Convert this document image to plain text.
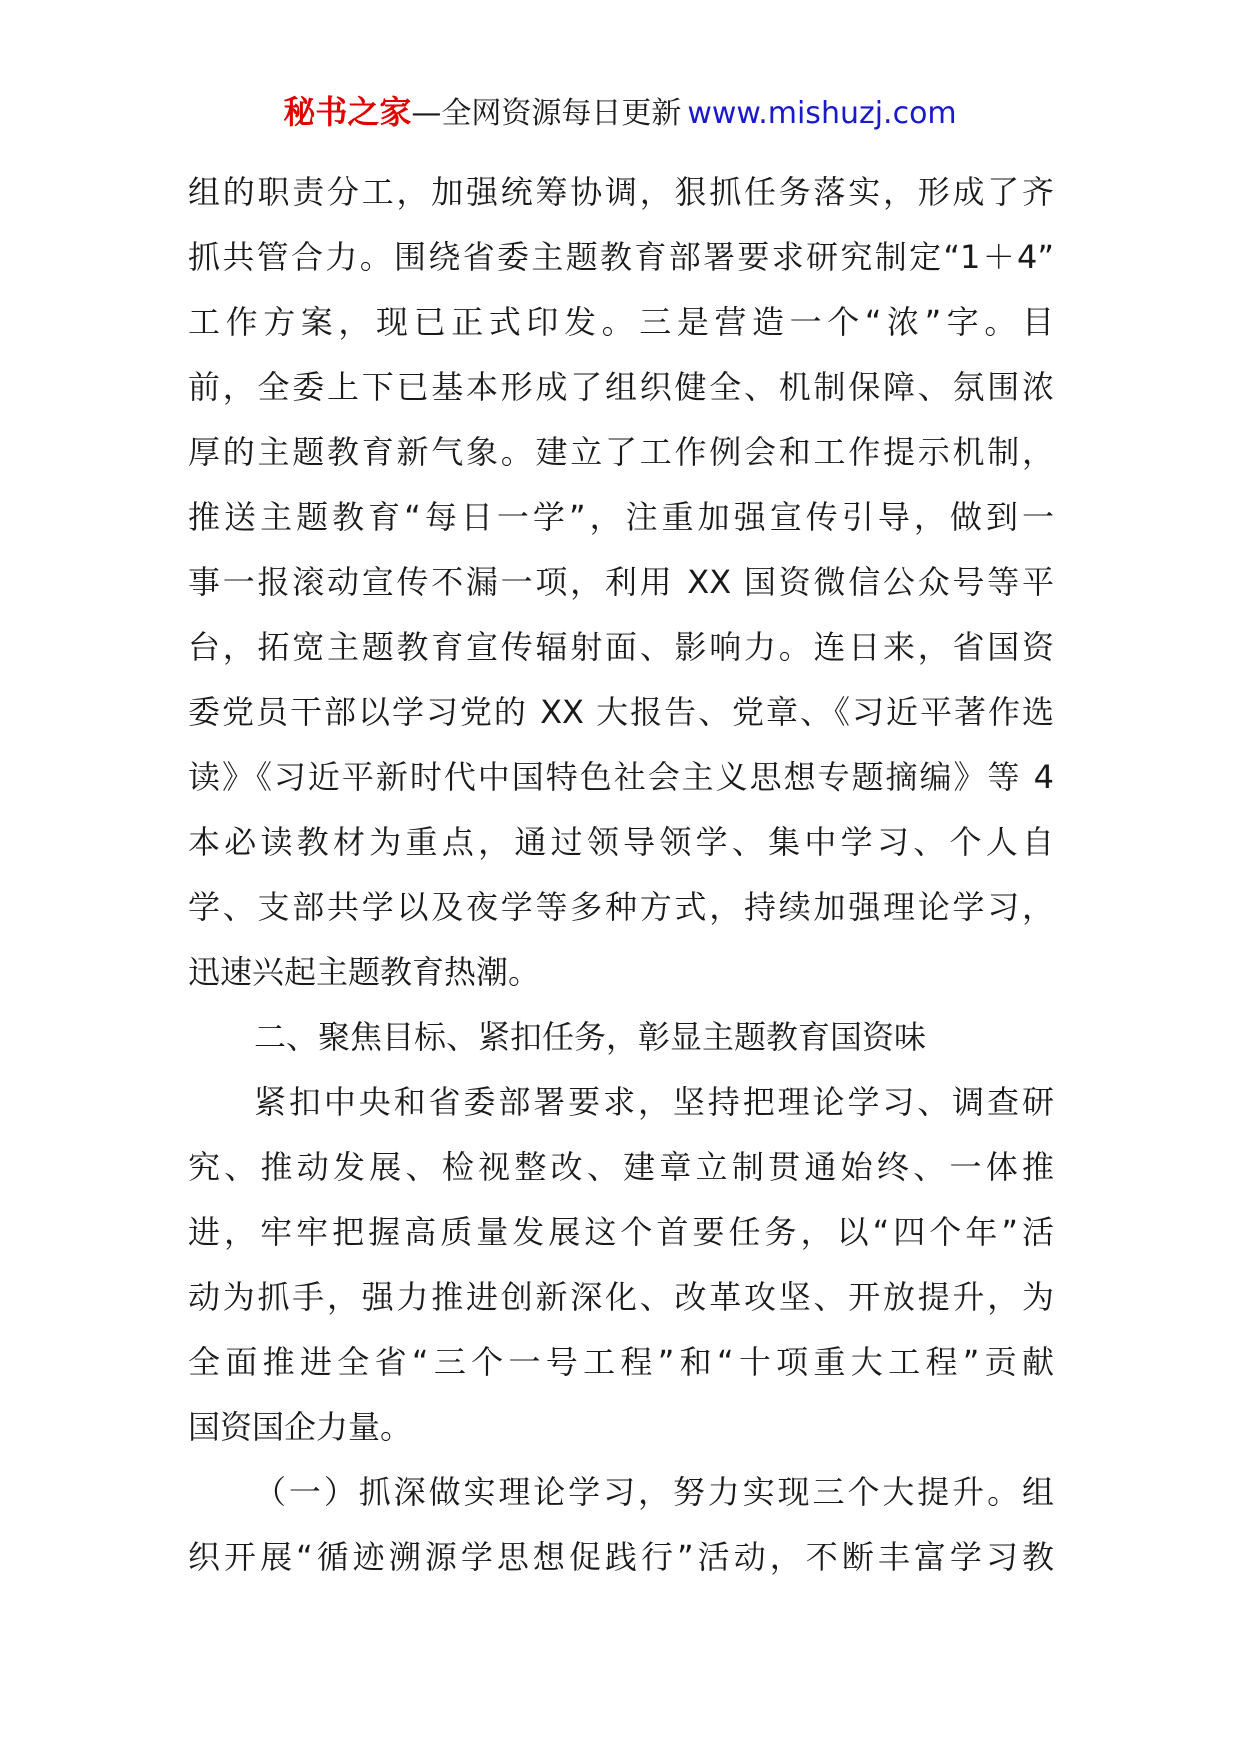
秘书之家—全网资源每日更新 www.mishuzj.com
组的职责分工，加强统筹协调，狠抓任务落实，形成了齐
抓共管合力。围绕省委主题教育部署要求研究制定“1＋4”
工作方案，现已正式印发。三是营造一个“浓”字。目
前，全委上下已基本形成了组织健全、机制保障、氛围浓
厚的主题教育新气象。建立了工作例会和工作提示机制，
推送主题教育“每日一学”，注重加强宣传引导，做到一
事一报滚动宣传不漏一项，利用 XX 国资微信公众号等平
台，拓宽主题教育宣传辐射面、影响力。连日来，省国资
委党员干部以学习党的 XX 大报告、党章、《习近平著作选
读》《习近平新时代中国特色社会主义思想专题摘编》等 4
本必读教材为重点，通过领导领学、集中学习、个人自
学、支部共学以及夜学等多种方式，持续加强理论学习，
迅速兴起主题教育热潮。
二、聚焦目标、紧扣任务，彰显主题教育国资味
紧扣中央和省委部署要求，坚持把理论学习、调查研
究、推动发展、检视整改、建章立制贯通始终、一体推
进，牢牢把握高质量发展这个首要任务，以“四个年”活
动为抓手，强力推进创新深化、改革攻坚、开放提升，为
全面推进全省“三个一号工程”和“十项重大工程”贡献
国资国企力量。
（一）抓深做实理论学习，努力实现三个大提升。组
织开展“循迹溯源学思想促践行”活动，不断丰富学习教
